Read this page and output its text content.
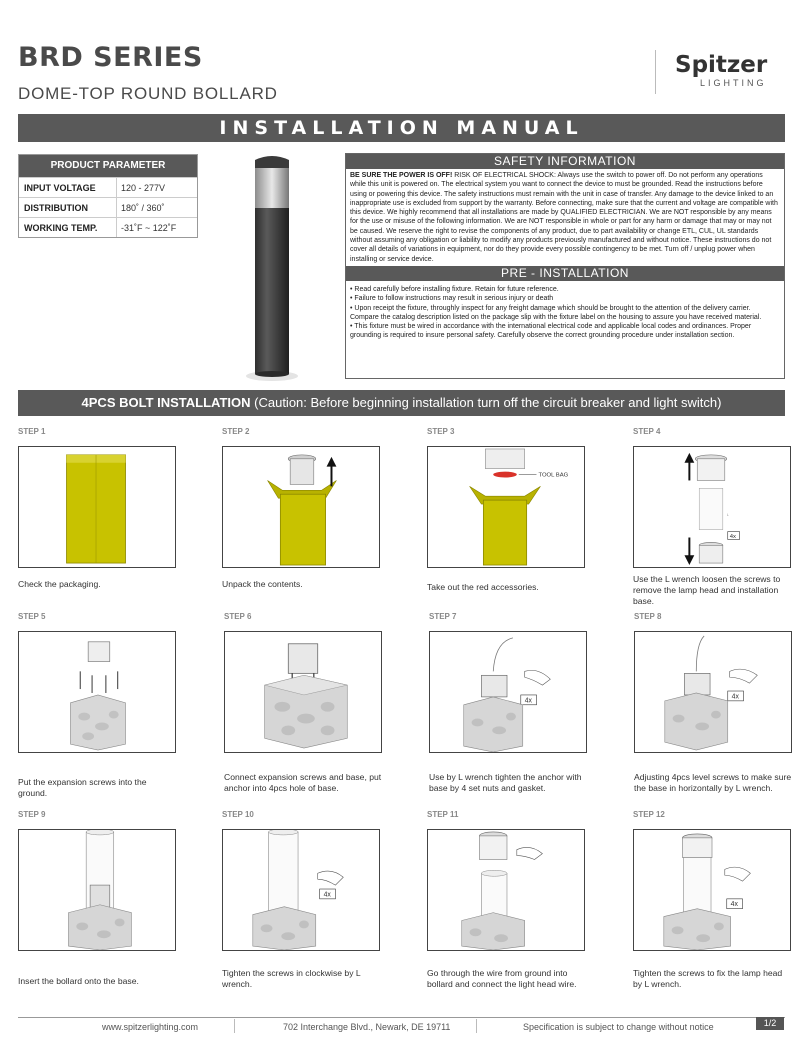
BRD SERIES
DOME-TOP ROUND BOLLARD
Spitzer
LIGHTING
INSTALLATION MANUAL
PRODUCT PARAMETER
INPUT VOLTAGE	120 - 277V
DISTRIBUTION	180˚ / 360˚
WORKING TEMP.	-31˚F ~ 122˚F
SAFETY INFORMATION
BE SURE THE POWER IS OFF! RISK OF ELECTRICAL SHOCK: Always use the switch to power off. Do not perform any operations while this unit is powered on. The electrical system you want to connect the device to must be grounded. Read the instructions before using or powering this device. The safety instructions must remain with the unit in case of transfer. Any damage to the device linked to an inappropriate use is excluded from support by the warranty. Before connecting, make sure that the current and voltage are compatible with this device. We highly recommend that all installations are made by QUALIFIED ELECTRICIAN. We are NOT responsible by any means for the use or misuse of the following information. We are NOT responsible in whole or part for any harm or damage that may or may not be caused. We reserve the right to revise the components of any product, due to part availability or change ETL, CUL, UL standards without assuming any obligation or liability to modify any products previously manufactured and without notice. These instructions do not cover all details of variations in equipment, nor do they provide every possible contingency to be met. Turn off / unplug power when installing or service device.
PRE - INSTALLATION
• Read carefully before installing fixture. Retain for future reference.
• Failure to follow instructions may result in serious injury or death
• Upon receipt the fixture, throughly inspect for any freight damage which should be brought to the attention of the delivery carrier. Compare the catalog description listed on the package slip with the fixture label on the housing to assure you have received material.
• This fixture must be wired in accordance with the international electrical code and applicable local codes and ordinances. Proper grounding is required to insure personal safety. Carefully observe the correct grounding procedure under installation section.
4PCS BOLT INSTALLATION (Caution: Before beginning installation turn off the circuit breaker and light switch)
STEP 1
Check the packaging.
STEP 2
Unpack the contents.
STEP 3
TOOL BAG
Take out the red accessories.
STEP 4
L
4x
Use the L wrench loosen the screws to remove the lamp head and installation base.
STEP 5
Put the expansion screws into the ground.
STEP 6
Connect expansion screws and base, put anchor into 4pcs hole of base.
STEP 7
4x
Use by L wrench tighten the anchor with base by 4 set nuts and gasket.
STEP 8
4x
Adjusting 4pcs level screws to make sure the base in horizontally by L wrench.
STEP 9
Insert the bollard onto the base.
STEP 10
4x
Tighten the screws in clockwise by L wrench.
STEP 11
Go through the wire from ground into bollard and connect the light head wire.
STEP 12
4x
Tighten the screws to fix the lamp head by L wrench.
www.spitzerlighting.com	702 Interchange Blvd., Newark, DE 19711	Specification is subject to change without notice	1/2
